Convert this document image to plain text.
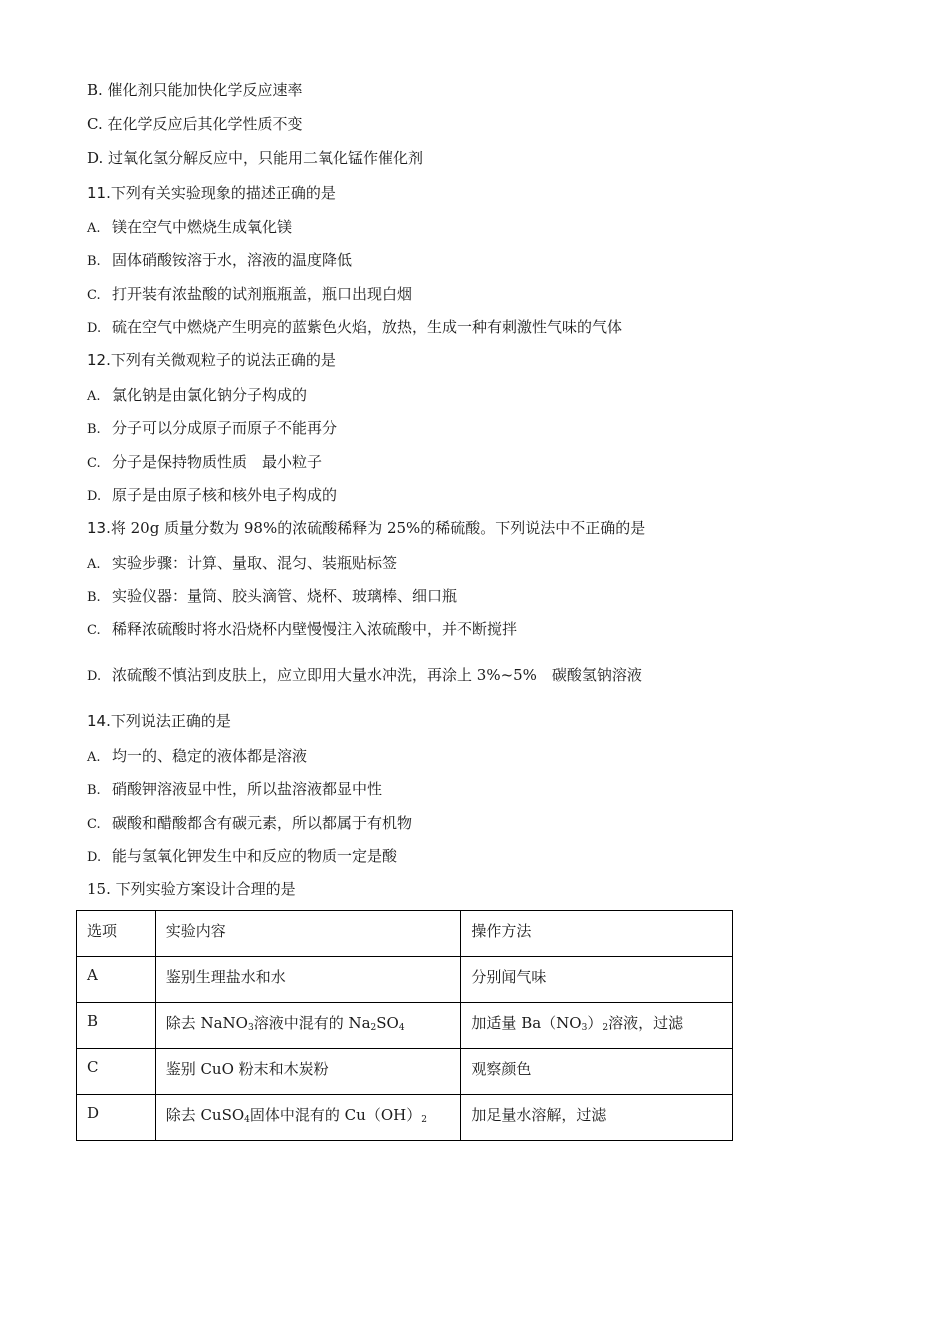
B. 催化剂只能加快化学反应速率
C. 在化学反应后其化学性质不变
D. 过氧化氢分解反应中，只能用二氧化锰作催化剂
11.下列有关实验现象的描述正确的是
A. 镁在空气中燃烧生成氧化镁
B. 固体硝酸铵溶于水，溶液的温度降低
C. 打开装有浓盐酸的试剂瓶瓶盖，瓶口出现白烟
D. 硫在空气中燃烧产生明亮的蓝紫色火焰，放热，生成一种有刺激性气味的气体
12.下列有关微观粒子的说法正确的是
A. 氯化钠是由氯化钠分子构成的
B. 分子可以分成原子而原子不能再分
C. 分子是保持物质性质　最小粒子
D. 原子是由原子核和核外电子构成的
13.将 20g 质量分数为 98%的浓硫酸稀释为 25%的稀硫酸。下列说法中不正确的是
A. 实验步骤：计算、量取、混匀、装瓶贴标签
B. 实验仪器：量筒、胶头滴管、烧杯、玻璃棒、细口瓶
C. 稀释浓硫酸时将水沿烧杯内壁慢慢注入浓硫酸中，并不断搅拌
D. 浓硫酸不慎沾到皮肤上，应立即用大量水冲洗，再涂上 3%~5%　碳酸氢钠溶液
14.下列说法正确的是
A. 均一的、稳定的液体都是溶液
B. 硝酸钾溶液显中性，所以盐溶液都显中性
C. 碳酸和醋酸都含有碳元素，所以都属于有机物
D. 能与氢氧化钾发生中和反应的物质一定是酸
15. 下列实验方案设计合理的是
选项	实验内容	操作方法
A	鉴别生理盐水和水	分别闻气味
B	除去 NaNO$_3$溶液中混有的 $Na_2SO_4$	加适量 $Ba(NO_3)_2$溶液，过滤
C	鉴别 CuO 粉末和木炭粉	观察颜色
D	除去 CuSO$_4$固体中混有的 $Cu(OH)_2$	加足量水溶解，过滤
